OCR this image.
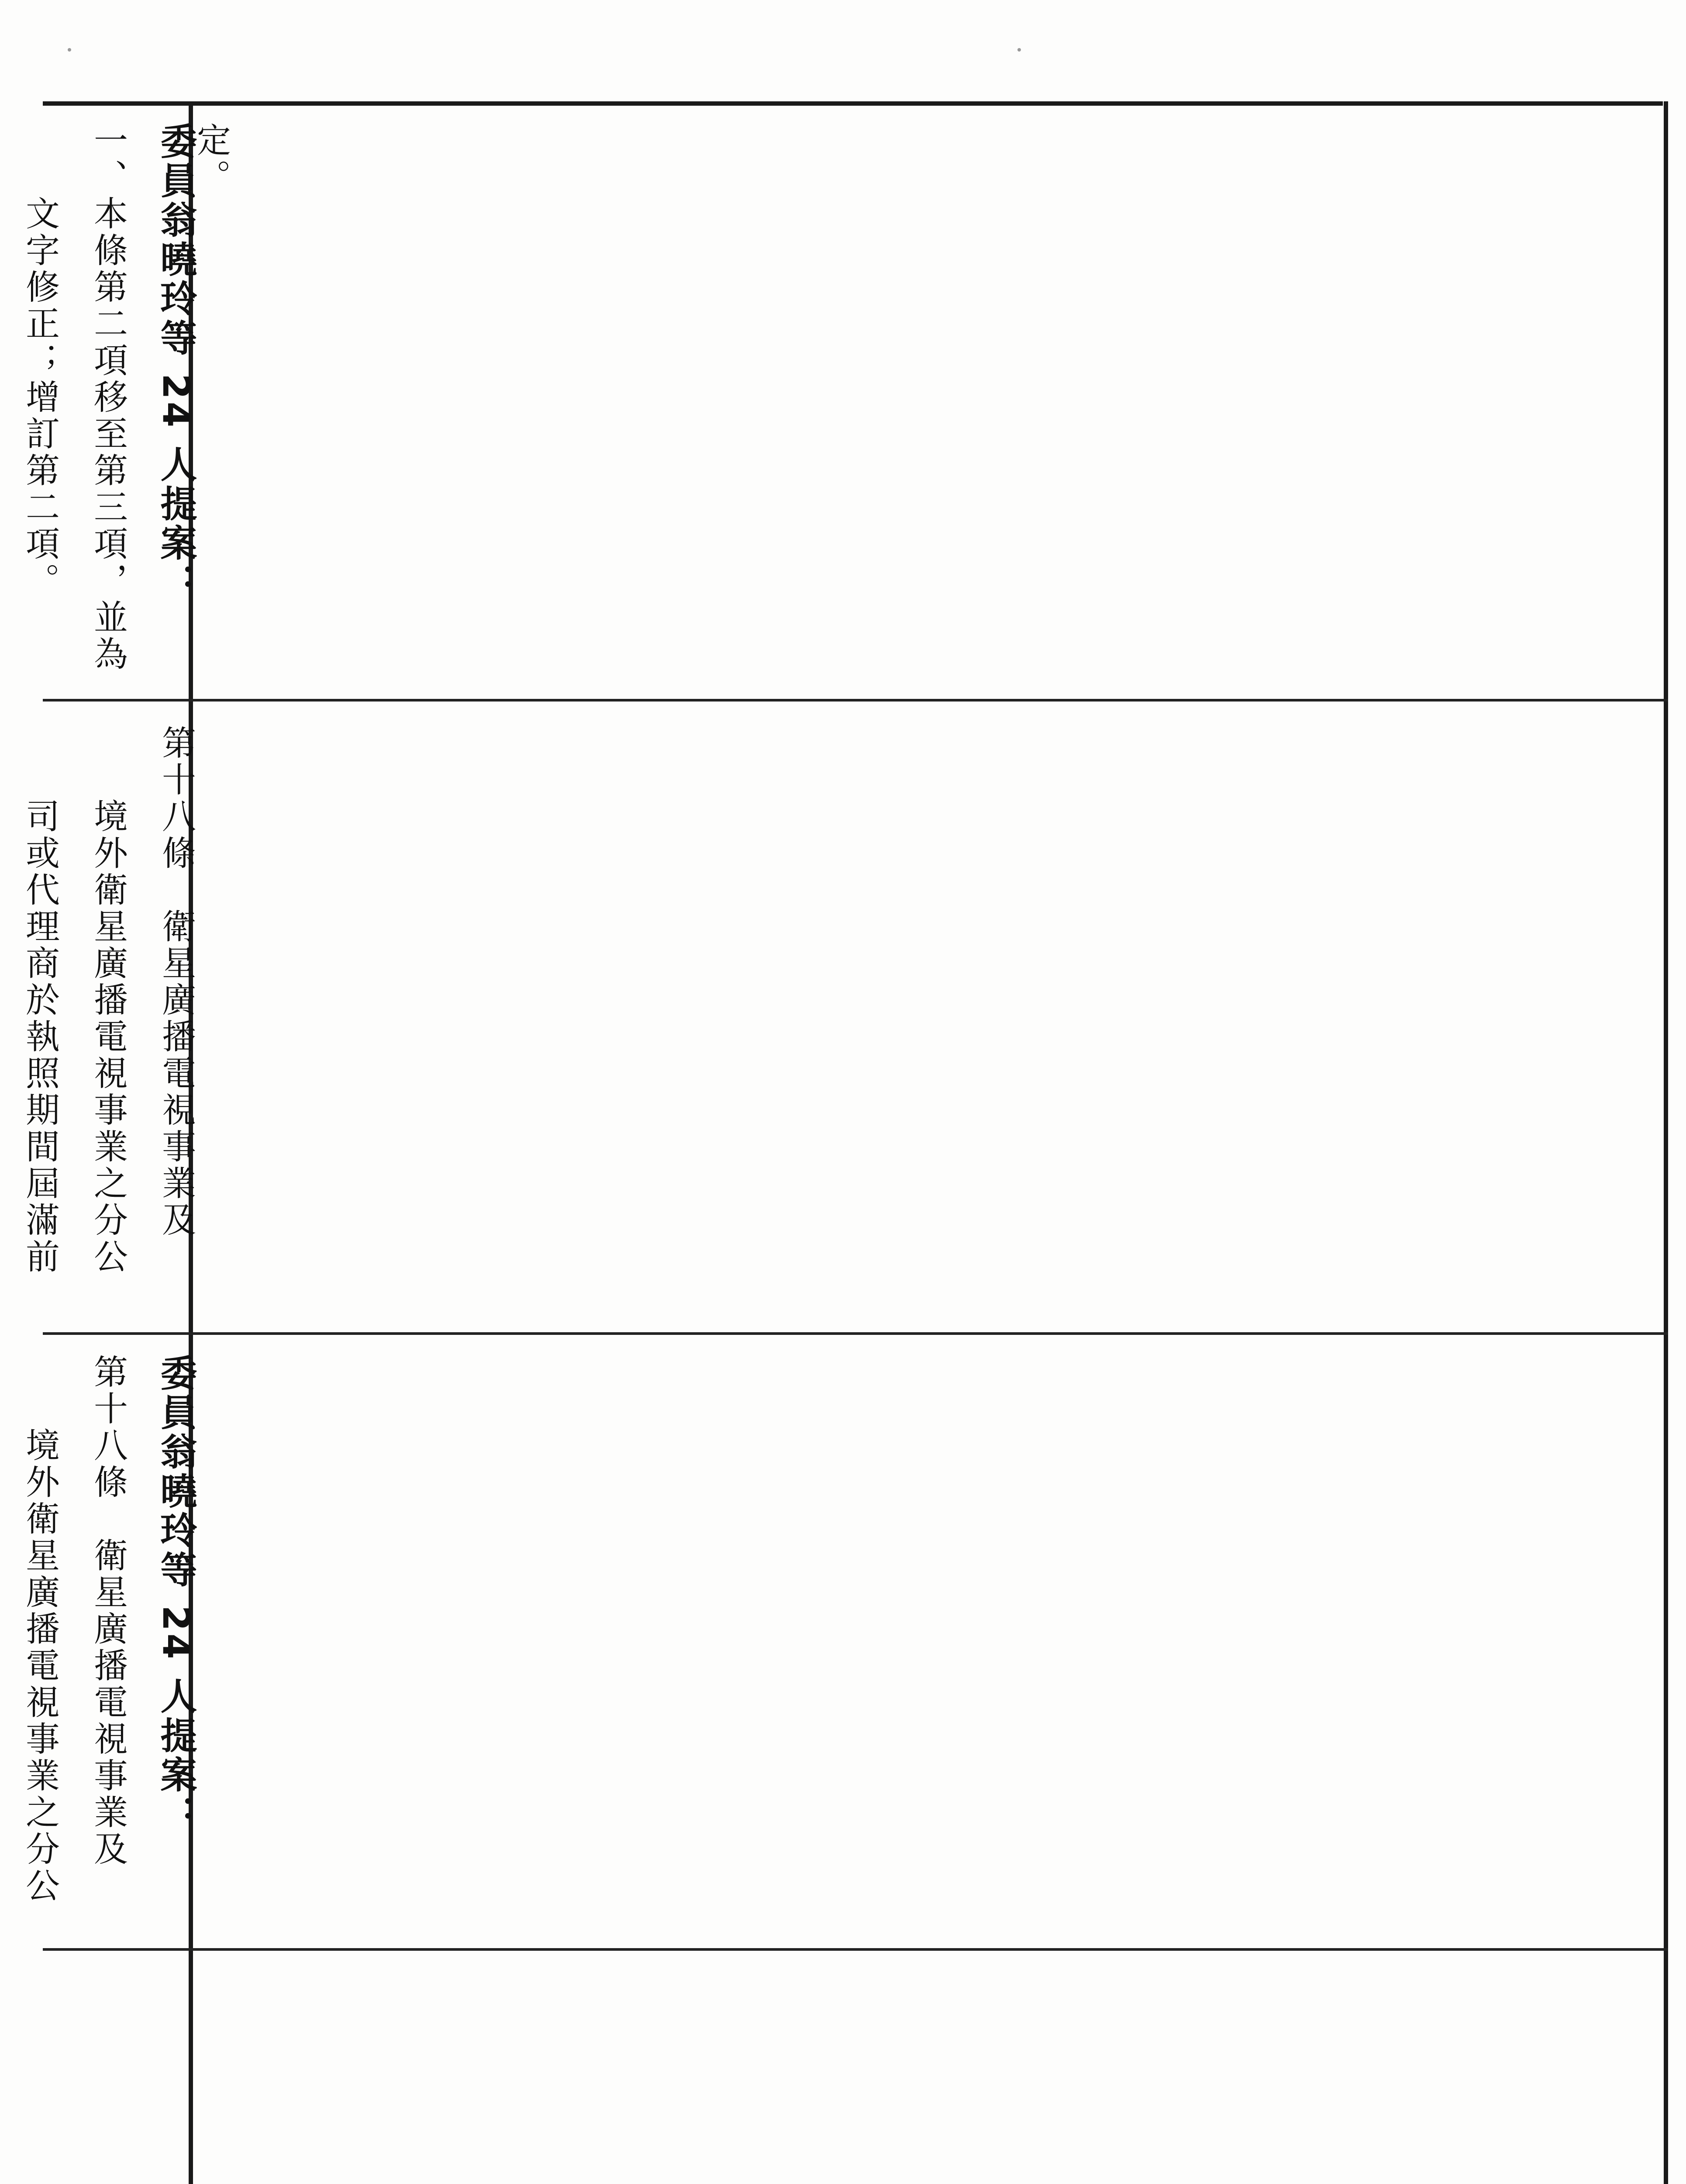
定。
委員翁曉玲等 24 人提案：
一、本條第二項移至第三項，並為
　　文字修正；增訂第二項。
第十八條　衛星廣播電視事業及
　　境外衛星廣播電視事業之分公
　　司或代理商於執照期間屆滿前
委員翁曉玲等 24 人提案：
第十八條　衛星廣播電視事業及
　　境外衛星廣播電視事業之分公
